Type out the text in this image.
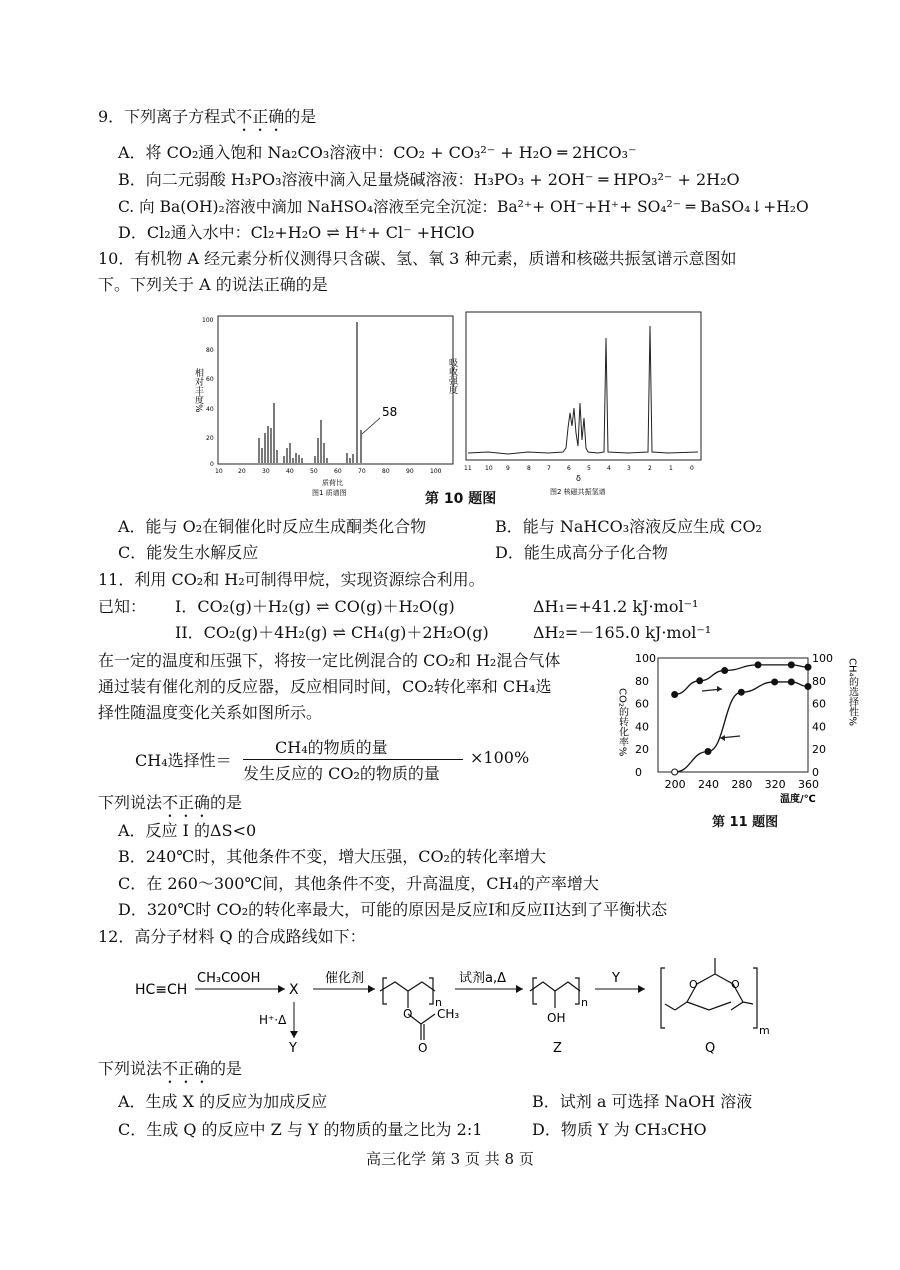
9．下列离子方程式不正确的是
A．将 CO₂通入饱和 Na₂CO₃溶液中：CO₂ + CO₃²⁻ + H₂O ═ 2HCO₃⁻
B．向二元弱酸 H₃PO₃溶液中滴入足量烧碱溶液：H₃PO₃ + 2OH⁻ ═ HPO₃²⁻ + 2H₂O
C. 向 Ba(OH)₂溶液中滴加 NaHSO₄溶液至完全沉淀：Ba²⁺+ OH⁻+H⁺+ SO₄²⁻ ═ BaSO₄↓+H₂O
D．Cl₂通入水中：Cl₂+H₂O ⇌ H⁺+ Cl⁻ +HClO
10．有机物 A 经元素分析仪测得只含碳、氢、氧 3 种元素，质谱和核磁共振氢谱示意图如
下。下列关于 A 的说法正确的是
相对丰度%
100
80
60
40
20
0
58
10	20	30	40	50	60	70	80	90	100
质荷比
图1 质谱图
吸收强度
11 10 9	8	7	6	5	4	3	2	1	0
δ
图2 核磁共振氢谱
第 10 题图
A．能与 O₂在铜催化时反应生成酮类化合物	B．能与 NaHCO₃溶液反应生成 CO₂
C．能发生水解反应	D．能生成高分子化合物
11．利用 CO₂和 H₂可制得甲烷，实现资源综合利用。
已知： I．CO₂(g)＋H₂(g) ⇌ CO(g)＋H₂O(g)	ΔH₁=+41.2 kJ·mol⁻¹
II．CO₂(g)＋4H₂(g) ⇌ CH₄(g)＋2H₂O(g)	ΔH₂=－165.0 kJ·mol⁻¹
在一定的温度和压强下，将按一定比例混合的 CO₂和 H₂混合气体
通过装有催化剂的反应器，反应相同时间，CO₂转化率和 CH₄选
择性随温度变化关系如图所示。
CH₄选择性＝
CH₄的物质的量
发生反应的 CO₂的物质的量
×100%
下列说法不正确的是
A．反应 I 的ΔS<0
B．240℃时，其他条件不变，增大压强，CO₂的转化率增大
C．在 260～300℃间，其他条件不变，升高温度，CH₄的产率增大
D．320℃时 CO₂的转化率最大，可能的原因是反应I和反应II达到了平衡状态
CO₂的转化率%	CH₄的选择性%
0
20
40
60
80
100
0
20
40
60
80
100
200 240 280 320 360
温度/℃
第 11 题图
12．高分子材料 Q 的合成路线如下：
HC≡CH
CH₃COOH
X
H⁺·Δ
Y
催化剂
n
O CH₃
O
试剂a,Δ
n
OH
Z
Y	O	O
m
Q
下列说法不正确的是
A．生成 X 的反应为加成反应	B．试剂 a 可选择 NaOH 溶液
C．生成 Q 的反应中 Z 与 Y 的物质的量之比为 2:1	D．物质 Y 为 CH₃CHO
高三化学 第 3 页 共 8 页
